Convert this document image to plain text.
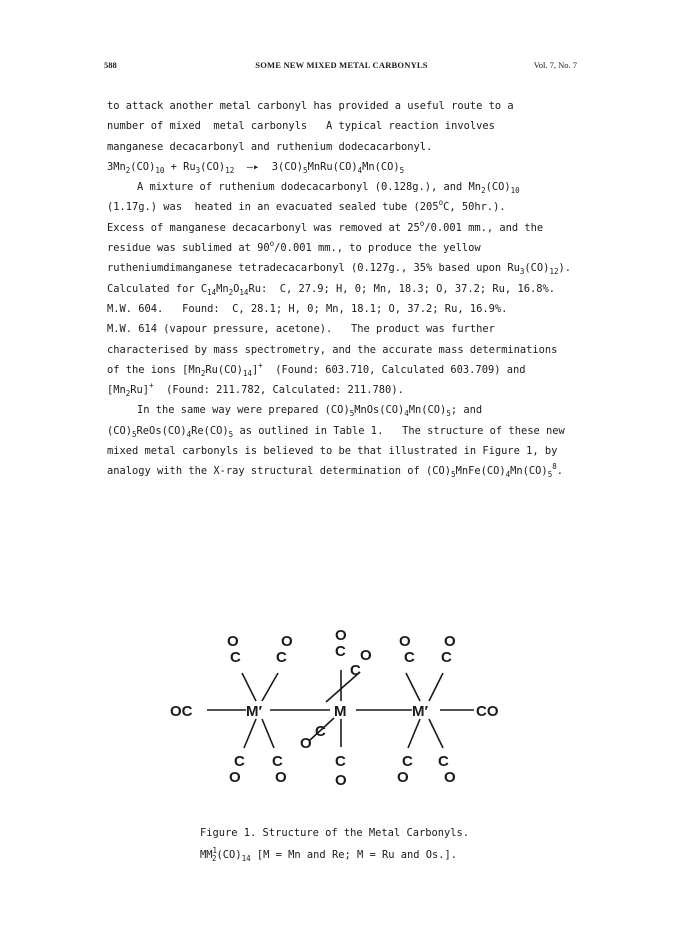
588	SOME NEW MIXED METAL CARBONYLS	Vol. 7, No. 7
to attack another metal carbonyl has provided a useful route to a
number of mixed  metal carbonyls   A typical reaction involves
manganese decacarbonyl and ruthenium dodecacarbonyl.
$3Mn_2(CO)_{10} + Ru_3(CO)_{12}$ —▸  $3(CO)_5MnRu(CO)_4Mn(CO)_5$
A mixture of ruthenium dodecacarbonyl (0.128g.), and $Mn_2(CO)_{10}$
(1.17g.) was  heated in an evacuated sealed tube (205$^o$C, 50hr.).
Excess of manganese decacarbonyl was removed at 25$^o$/0.001 mm., and the
residue was sublimed at 90$^o$/0.001 mm., to produce the yellow
rutheniumdimanganese tetradecacarbonyl (0.127g., 35% based upon $Ru_3(CO)_{12}$).
Calculated for $C_{14}Mn_2O_{14}Ru$:  C, 27.9; H, 0; Mn, 18.3; O, 37.2; Ru, 16.8%.
M.W. 604.   Found:  C, 28.1; H, 0; Mn, 18.1; O, 37.2; Ru, 16.9%.
M.W. 614 (vapour pressure, acetone).   The product was further
characterised by mass spectrometry, and the accurate mass determinations
of the ions $[Mn_2Ru(CO)_{14}]^+$ (Found: 603.710, Calculated 603.709) and
$[Mn_2Ru]^+$ (Found: 211.782, Calculated: 211.780).
In the same way were prepared $(CO)_5MnOs(CO)_4Mn(CO)_5$; and
$(CO)_5ReOs(CO)_4Re(CO)_5$ as outlined in Table 1.   The structure of these new
mixed metal carbonyls is believed to be that illustrated in Figure 1, by
analogy with the X-ray structural determination of $(CO)_5MnFe(CO)_4Mn(CO)_5^8$.
O
C
O
C
O
C O
C
O
C
O
C
OC	M′	M	M′	CO
C
O
C
O
C
O
C
O
C
O
C
O
Figure 1. Structure of the Metal Carbonyls.
$MM^1_2(CO)_{14}$ [M = Mn and Re; M = Ru and Os.].
